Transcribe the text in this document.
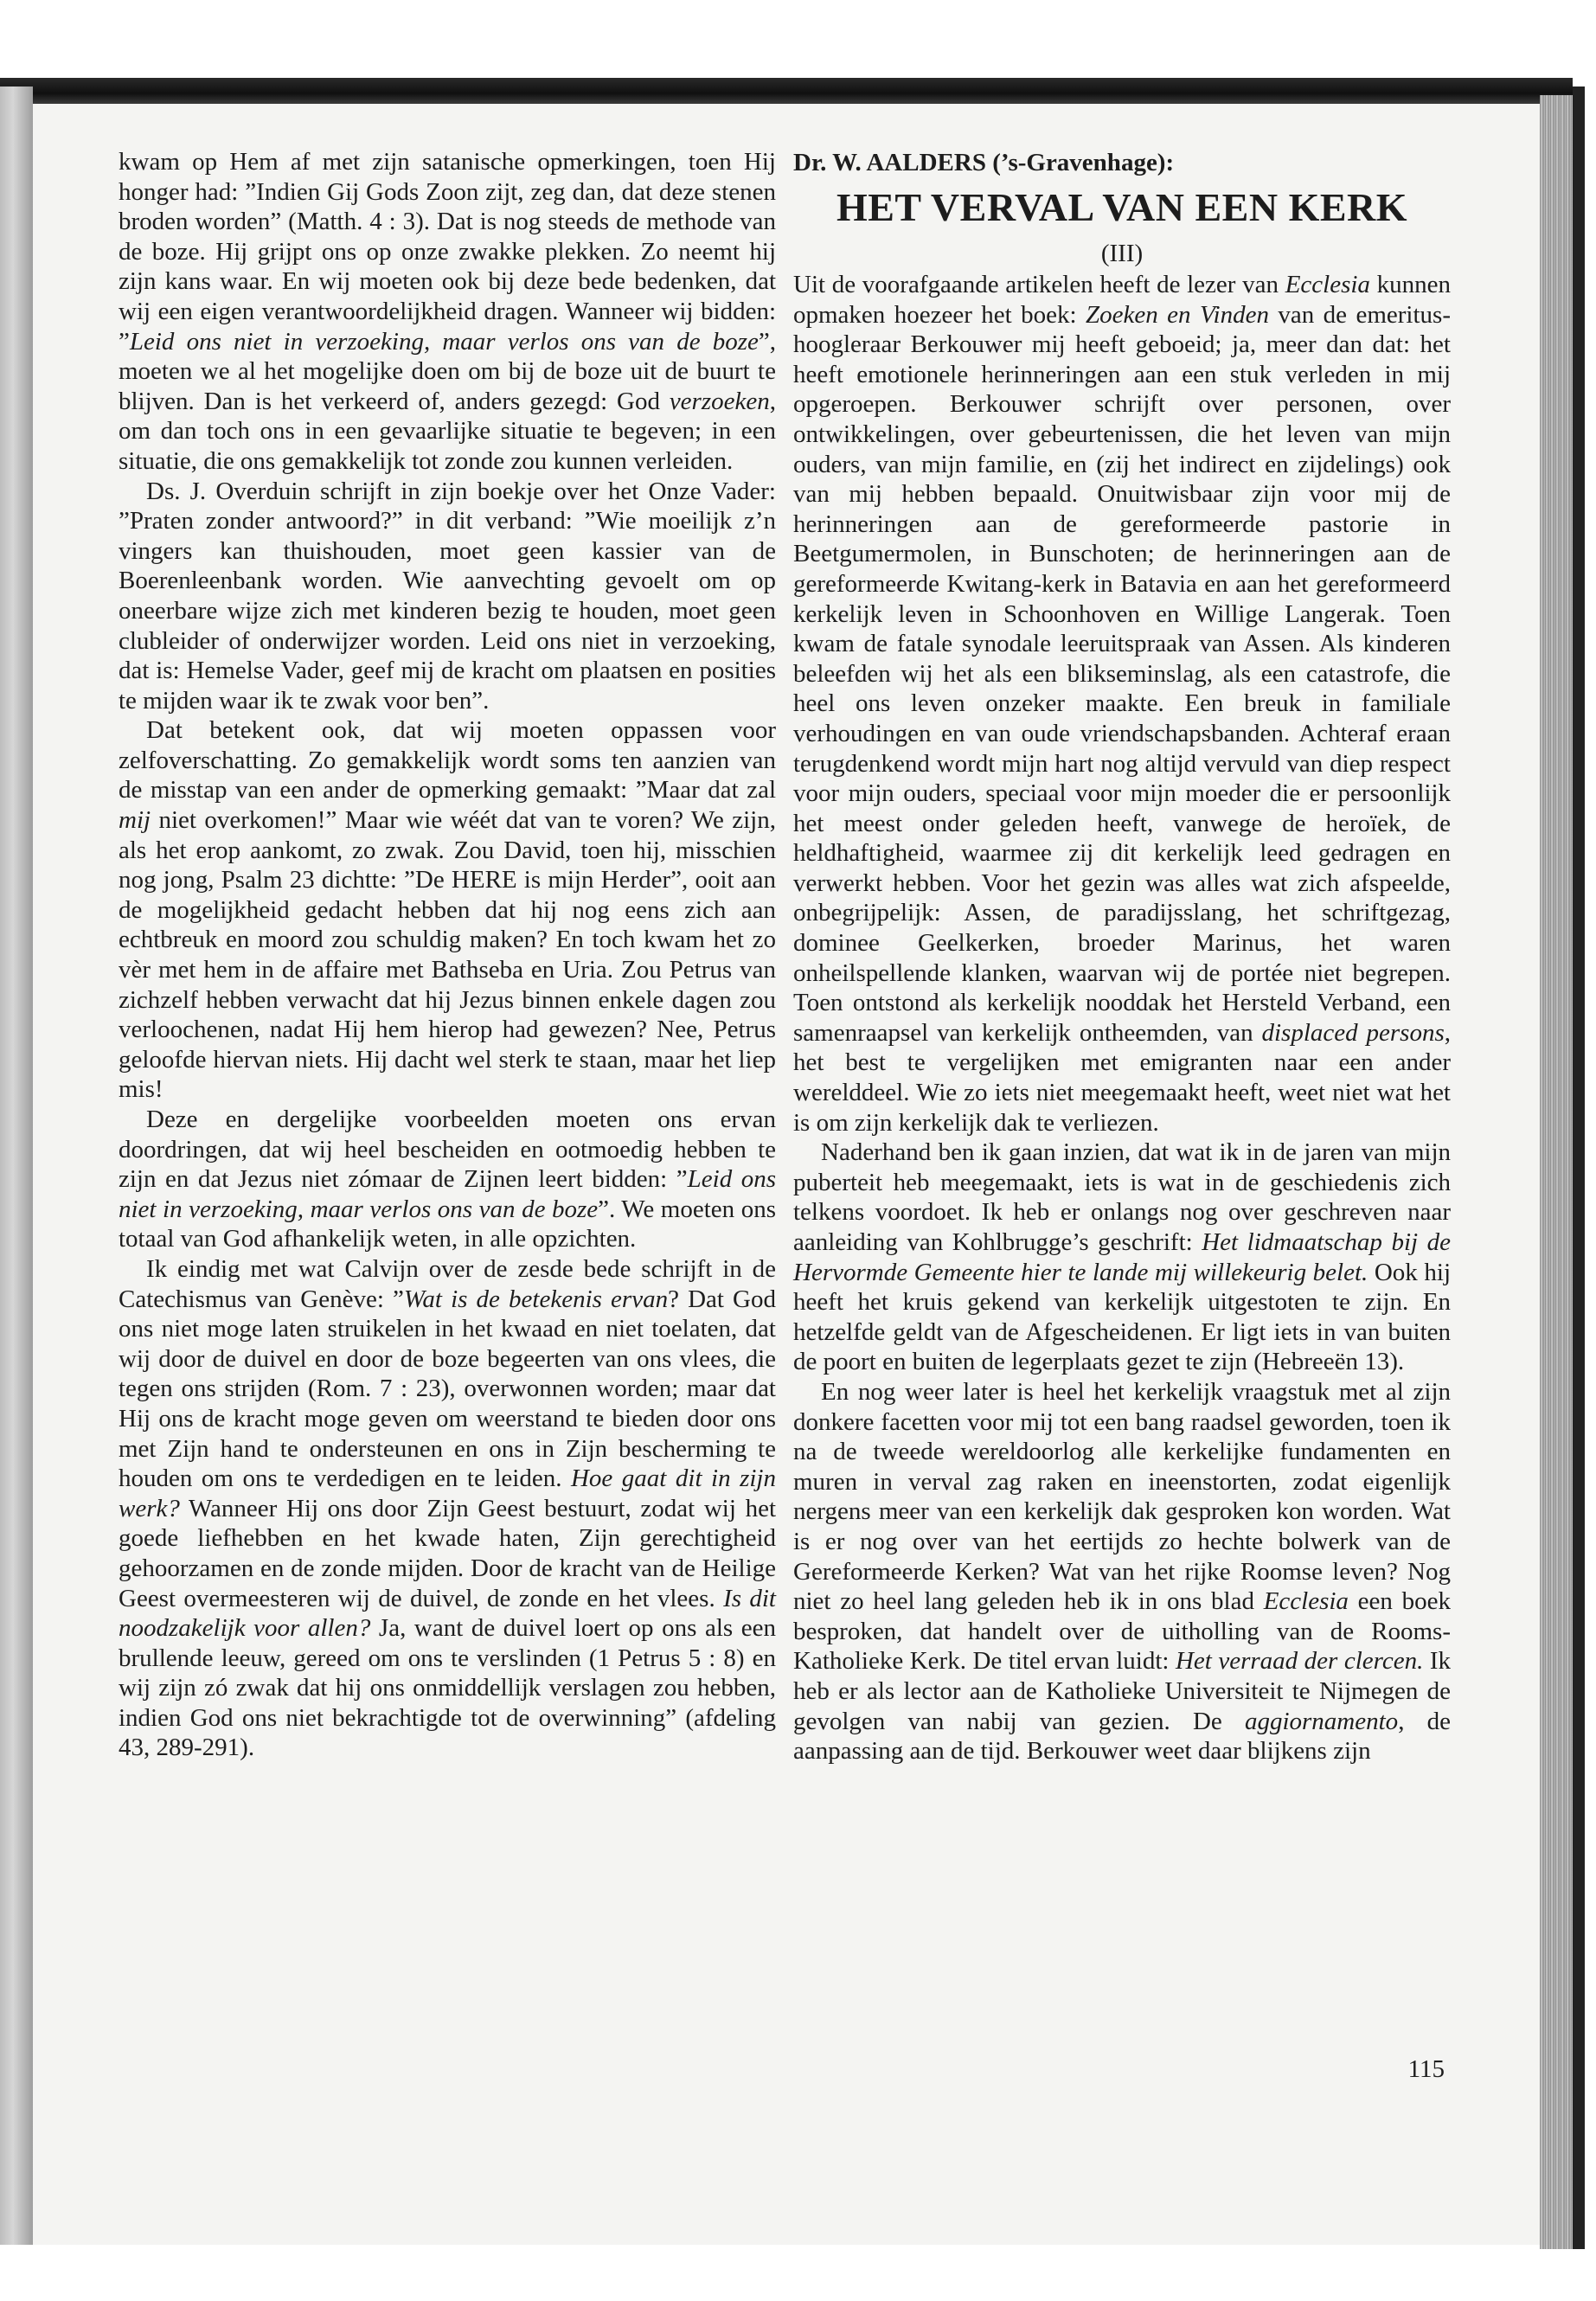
kwam op Hem af met zijn satanische opmerkingen, toen Hij honger had: ”Indien Gij Gods Zoon zijt, zeg dan, dat deze stenen broden worden” (Matth. 4 : 3). Dat is nog steeds de methode van de boze. Hij grijpt ons op onze zwakke plekken. Zo neemt hij zijn kans waar. En wij moeten ook bij deze bede bedenken, dat wij een eigen verantwoordelijkheid dragen. Wanneer wij bidden: ”Leid ons niet in verzoeking, maar verlos ons van de boze”, moeten we al het mogelijke doen om bij de boze uit de buurt te blijven. Dan is het verkeerd of, anders gezegd: God verzoeken, om dan toch ons in een gevaarlijke situatie te begeven; in een situatie, die ons gemakkelijk tot zonde zou kunnen verleiden.

Ds. J. Overduin schrijft in zijn boekje over het Onze Vader: ”Praten zonder antwoord?” in dit verband: ”Wie moeilijk z’n vingers kan thuishouden, moet geen kassier van de Boerenleenbank worden. Wie aanvechting gevoelt om op oneerbare wijze zich met kinderen bezig te houden, moet geen clubleider of onderwijzer worden. Leid ons niet in verzoeking, dat is: Hemelse Vader, geef mij de kracht om plaatsen en posities te mijden waar ik te zwak voor ben”.

Dat betekent ook, dat wij moeten oppassen voor zelfoverschatting. Zo gemakkelijk wordt soms ten aanzien van de misstap van een ander de opmerking gemaakt: ”Maar dat zal mij niet overkomen!” Maar wie wéét dat van te voren? We zijn, als het erop aankomt, zo zwak. Zou David, toen hij, misschien nog jong, Psalm 23 dichtte: ”De HERE is mijn Herder”, ooit aan de mogelijkheid gedacht hebben dat hij nog eens zich aan echtbreuk en moord zou schuldig maken? En toch kwam het zo vèr met hem in de affaire met Bathseba en Uria. Zou Petrus van zichzelf hebben verwacht dat hij Jezus binnen enkele dagen zou verloochenen, nadat Hij hem hierop had gewezen? Nee, Petrus geloofde hiervan niets. Hij dacht wel sterk te staan, maar het liep mis!

Deze en dergelijke voorbeelden moeten ons ervan doordringen, dat wij heel bescheiden en ootmoedig hebben te zijn en dat Jezus niet zómaar de Zijnen leert bidden: ”Leid ons niet in verzoeking, maar verlos ons van de boze”. We moeten ons totaal van God afhankelijk weten, in alle opzichten.

Ik eindig met wat Calvijn over de zesde bede schrijft in de Catechismus van Genève: ”Wat is de betekenis ervan? Dat God ons niet moge laten struikelen in het kwaad en niet toelaten, dat wij door de duivel en door de boze begeerten van ons vlees, die tegen ons strijden (Rom. 7 : 23), overwonnen worden; maar dat Hij ons de kracht moge geven om weerstand te bieden door ons met Zijn hand te ondersteunen en ons in Zijn bescherming te houden om ons te verdedigen en te leiden. Hoe gaat dit in zijn werk? Wanneer Hij ons door Zijn Geest bestuurt, zodat wij het goede liefhebben en het kwade haten, Zijn gerechtigheid gehoorzamen en de zonde mijden. Door de kracht van de Heilige Geest overmeesteren wij de duivel, de zonde en het vlees. Is dit noodzakelijk voor allen? Ja, want de duivel loert op ons als een brullende leeuw, gereed om ons te verslinden (1 Petrus 5 : 8) en wij zijn zó zwak dat hij ons onmiddellijk verslagen zou hebben, indien God ons niet bekrachtigde tot de overwinning” (afdeling 43, 289-291).

Dr. W. AALDERS (’s-Gravenhage):
HET VERVAL VAN EEN KERK
(III)

Uit de voorafgaande artikelen heeft de lezer van Ecclesia kunnen opmaken hoezeer het boek: Zoeken en Vinden van de emeritus-hoogleraar Berkouwer mij heeft geboeid; ja, meer dan dat: het heeft emotionele herinneringen aan een stuk verleden in mij opgeroepen. Berkouwer schrijft over personen, over ontwikkelingen, over gebeurtenissen, die het leven van mijn ouders, van mijn familie, en (zij het indirect en zijdelings) ook van mij hebben bepaald. Onuitwisbaar zijn voor mij de herinneringen aan de gereformeerde pastorie in Beetgumermolen, in Bunschoten; de herinneringen aan de gereformeerde Kwitang-kerk in Batavia en aan het gereformeerd kerkelijk leven in Schoonhoven en Willige Langerak. Toen kwam de fatale synodale leeruitspraak van Assen. Als kinderen beleefden wij het als een blikseminslag, als een catastrofe, die heel ons leven onzeker maakte. Een breuk in familiale verhoudingen en van oude vriendschapsbanden. Achteraf eraan terugdenkend wordt mijn hart nog altijd vervuld van diep respect voor mijn ouders, speciaal voor mijn moeder die er persoonlijk het meest onder geleden heeft, vanwege de heroïek, de heldhaftigheid, waarmee zij dit kerkelijk leed gedragen en verwerkt hebben. Voor het gezin was alles wat zich afspeelde, onbegrijpelijk: Assen, de paradijsslang, het schriftgezag, dominee Geelkerken, broeder Marinus, het waren onheilspellende klanken, waarvan wij de portée niet begrepen. Toen ontstond als kerkelijk nooddak het Hersteld Verband, een samenraapsel van kerkelijk ontheemden, van displaced persons, het best te vergelijken met emigranten naar een ander werelddeel. Wie zo iets niet meegemaakt heeft, weet niet wat het is om zijn kerkelijk dak te verliezen.

Naderhand ben ik gaan inzien, dat wat ik in de jaren van mijn puberteit heb meegemaakt, iets is wat in de geschiedenis zich telkens voordoet. Ik heb er onlangs nog over geschreven naar aanleiding van Kohlbrugge’s geschrift: Het lidmaatschap bij de Hervormde Gemeente hier te lande mij willekeurig belet. Ook hij heeft het kruis gekend van kerkelijk uitgestoten te zijn. En hetzelfde geldt van de Afgescheidenen. Er ligt iets in van buiten de poort en buiten de legerplaats gezet te zijn (Hebreeën 13).

En nog weer later is heel het kerkelijk vraagstuk met al zijn donkere facetten voor mij tot een bang raadsel geworden, toen ik na de tweede wereldoorlog alle kerkelijke fundamenten en muren in verval zag raken en ineenstorten, zodat eigenlijk nergens meer van een kerkelijk dak gesproken kon worden. Wat is er nog over van het eertijds zo hechte bolwerk van de Gereformeerde Kerken? Wat van het rijke Roomse leven? Nog niet zo heel lang geleden heb ik in ons blad Ecclesia een boek besproken, dat handelt over de uitholling van de Rooms-Katholieke Kerk. De titel ervan luidt: Het verraad der clercen. Ik heb er als lector aan de Katholieke Universiteit te Nijmegen de gevolgen van nabij van gezien. De aggiornamento, de aanpassing aan de tijd. Berkouwer weet daar blijkens zijn

115
